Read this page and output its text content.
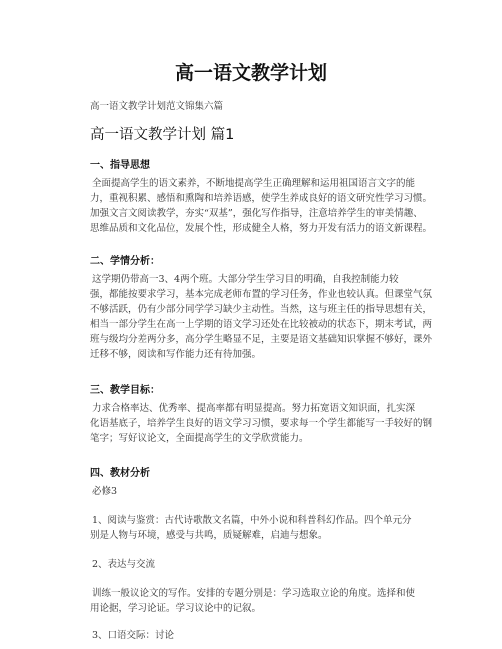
高一语文教学计划
高一语文教学计划范文锦集六篇
高一语文教学计划 篇1
一、指导思想
全面提高学生的语文素养，不断地提高学生正确理解和运用祖国语言文字的能
力，重视积累、感悟和熏陶和培养语感，使学生养成良好的语文研究性学习习惯。
加强文言文阅读教学，夯实“双基”，强化写作指导，注意培养学生的审美情趣、
思维品质和文化品位，发展个性，形成健全人格，努力开发有活力的语文新课程。
二、学情分析：
这学期仍带高一3、4两个班。大部分学生学习目的明确，自我控制能力较
强，都能按要求学习，基本完成老师布置的学习任务，作业也较认真。但课堂气氛
不够活跃，仍有少部分同学学习缺少主动性。当然，这与班主任的指导思想有关，
相当一部分学生在高一上学期的语文学习还处在比较被动的状态下，期末考试，两
班与级均分差两分多，高分学生略显不足，主要是语文基础知识掌握不够好，课外
迁移不够，阅读和写作能力还有待加强。
三、教学目标：
力求合格率达、优秀率、提高率都有明显提高。努力拓宽语文知识面，扎实深
化语基底子，培养学生良好的语文学习习惯，要求每一个学生都能写一手较好的钢
笔字；写好议论文，全面提高学生的文学欣赏能力。
四、教材分析
必修3
1、阅读与鉴赏：古代诗歌散文名篇，中外小说和科普科幻作品。四个单元分
别是人物与环境，感受与共鸣，质疑解难，启迪与想象。
2、表达与交流
训练一般议论文的写作。安排的专题分别是：学习选取立论的角度。选择和使
用论据，学习论证。学习议论中的记叙。
3、口语交际：讨论
